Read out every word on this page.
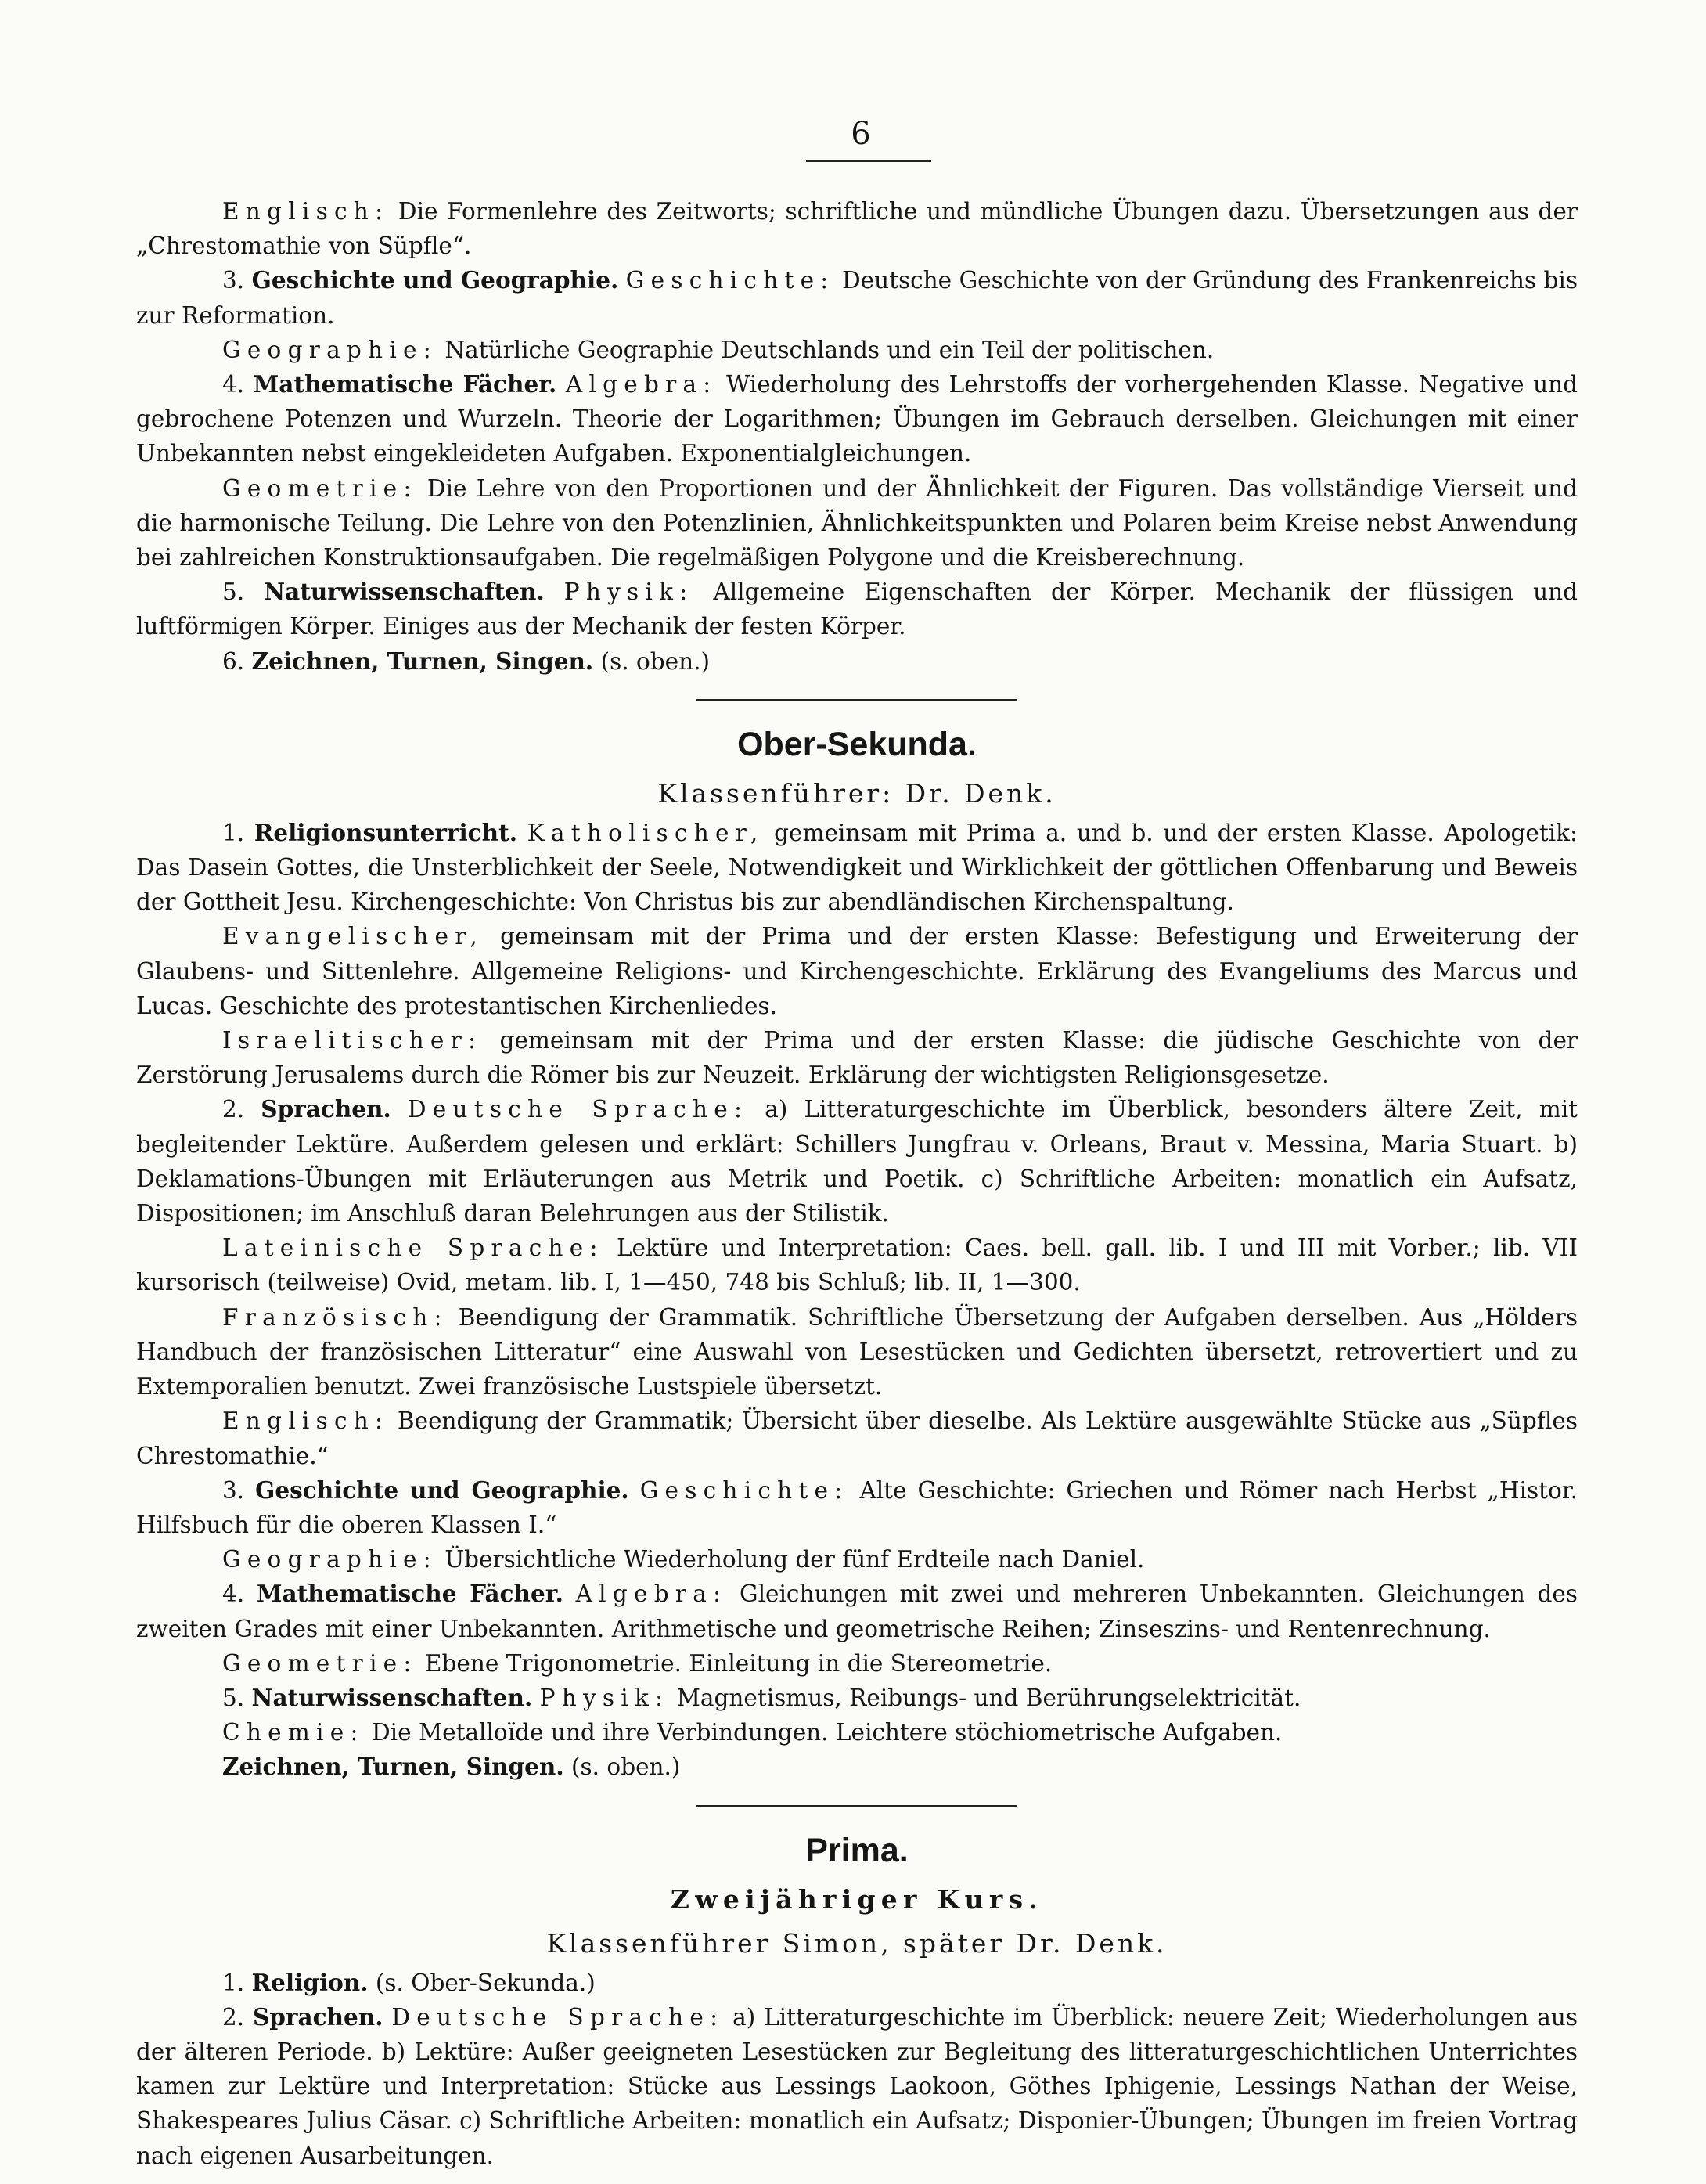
6

Englisch: Die Formenlehre des Zeitworts; schriftliche und mündliche Übungen dazu. Übersetzungen aus der „Chrestomathie von Süpfle“.

3. Geschichte und Geographie. Geschichte: Deutsche Geschichte von der Gründung des Frankenreichs bis zur Reformation.

Geographie: Natürliche Geographie Deutschlands und ein Teil der politischen.

4. Mathematische Fächer. Algebra: Wiederholung des Lehrstoffs der vorhergehenden Klasse. Negative und gebrochene Potenzen und Wurzeln. Theorie der Logarithmen; Übungen im Gebrauch derselben. Gleichungen mit einer Unbekannten nebst eingekleideten Aufgaben. Exponentialgleichungen.

Geometrie: Die Lehre von den Proportionen und der Ähnlichkeit der Figuren. Das vollständige Vierseit und die harmonische Teilung. Die Lehre von den Potenzlinien, Ähnlichkeitspunkten und Polaren beim Kreise nebst Anwendung bei zahlreichen Konstruktionsaufgaben. Die regelmäßigen Polygone und die Kreisberechnung.

5. Naturwissenschaften. Physik: Allgemeine Eigenschaften der Körper. Mechanik der flüssigen und luftförmigen Körper. Einiges aus der Mechanik der festen Körper.

6. Zeichnen, Turnen, Singen. (s. oben.)

Ober-Sekunda.
Klassenführer: Dr. Denk.

1. Religionsunterricht. Katholischer, gemeinsam mit Prima a. und b. und der ersten Klasse. Apologetik: Das Dasein Gottes, die Unsterblichkeit der Seele, Notwendigkeit und Wirklichkeit der göttlichen Offenbarung und Beweis der Gottheit Jesu. Kirchengeschichte: Von Christus bis zur abendländischen Kirchenspaltung.

Evangelischer, gemeinsam mit der Prima und der ersten Klasse: Befestigung und Erweiterung der Glaubens- und Sittenlehre. Allgemeine Religions- und Kirchengeschichte. Erklärung des Evangeliums des Marcus und Lucas. Geschichte des protestantischen Kirchenliedes.

Israelitischer: gemeinsam mit der Prima und der ersten Klasse: die jüdische Geschichte von der Zerstörung Jerusalems durch die Römer bis zur Neuzeit. Erklärung der wichtigsten Religionsgesetze.

2. Sprachen. Deutsche Sprache: a) Litteraturgeschichte im Überblick, besonders ältere Zeit, mit begleitender Lektüre. Außerdem gelesen und erklärt: Schillers Jungfrau v. Orleans, Braut v. Messina, Maria Stuart. b) Deklamations-Übungen mit Erläuterungen aus Metrik und Poetik. c) Schriftliche Arbeiten: monatlich ein Aufsatz, Dispositionen; im Anschluß daran Belehrungen aus der Stilistik.

Lateinische Sprache: Lektüre und Interpretation: Caes. bell. gall. lib. I und III mit Vorber.; lib. VII kursorisch (teilweise) Ovid, metam. lib. I, 1—450, 748 bis Schluß; lib. II, 1—300.

Französisch: Beendigung der Grammatik. Schriftliche Übersetzung der Aufgaben derselben. Aus „Hölders Handbuch der französischen Litteratur“ eine Auswahl von Lesestücken und Gedichten übersetzt, retrovertiert und zu Extemporalien benutzt. Zwei französische Lustspiele übersetzt.

Englisch: Beendigung der Grammatik; Übersicht über dieselbe. Als Lektüre ausgewählte Stücke aus „Süpfles Chrestomathie.“

3. Geschichte und Geographie. Geschichte: Alte Geschichte: Griechen und Römer nach Herbst „Histor. Hilfsbuch für die oberen Klassen I.“

Geographie: Übersichtliche Wiederholung der fünf Erdteile nach Daniel.

4. Mathematische Fächer. Algebra: Gleichungen mit zwei und mehreren Unbekannten. Gleichungen des zweiten Grades mit einer Unbekannten. Arithmetische und geometrische Reihen; Zinseszins- und Rentenrechnung.

Geometrie: Ebene Trigonometrie. Einleitung in die Stereometrie.

5. Naturwissenschaften. Physik: Magnetismus, Reibungs- und Berührungselektricität.

Chemie: Die Metalloïde und ihre Verbindungen. Leichtere stöchiometrische Aufgaben.

Zeichnen, Turnen, Singen. (s. oben.)

Prima.
Zweijähriger Kurs.
Klassenführer Simon, später Dr. Denk.

1. Religion. (s. Ober-Sekunda.)

2. Sprachen. Deutsche Sprache: a) Litteraturgeschichte im Überblick: neuere Zeit; Wiederholungen aus der älteren Periode. b) Lektüre: Außer geeigneten Lesestücken zur Begleitung des litteraturgeschichtlichen Unterrichtes kamen zur Lektüre und Interpretation: Stücke aus Lessings Laokoon, Göthes Iphigenie, Lessings Nathan der Weise, Shakespeares Julius Cäsar. c) Schriftliche Arbeiten: monatlich ein Aufsatz; Disponier-Übungen; Übungen im freien Vortrag nach eigenen Ausarbeitungen.
